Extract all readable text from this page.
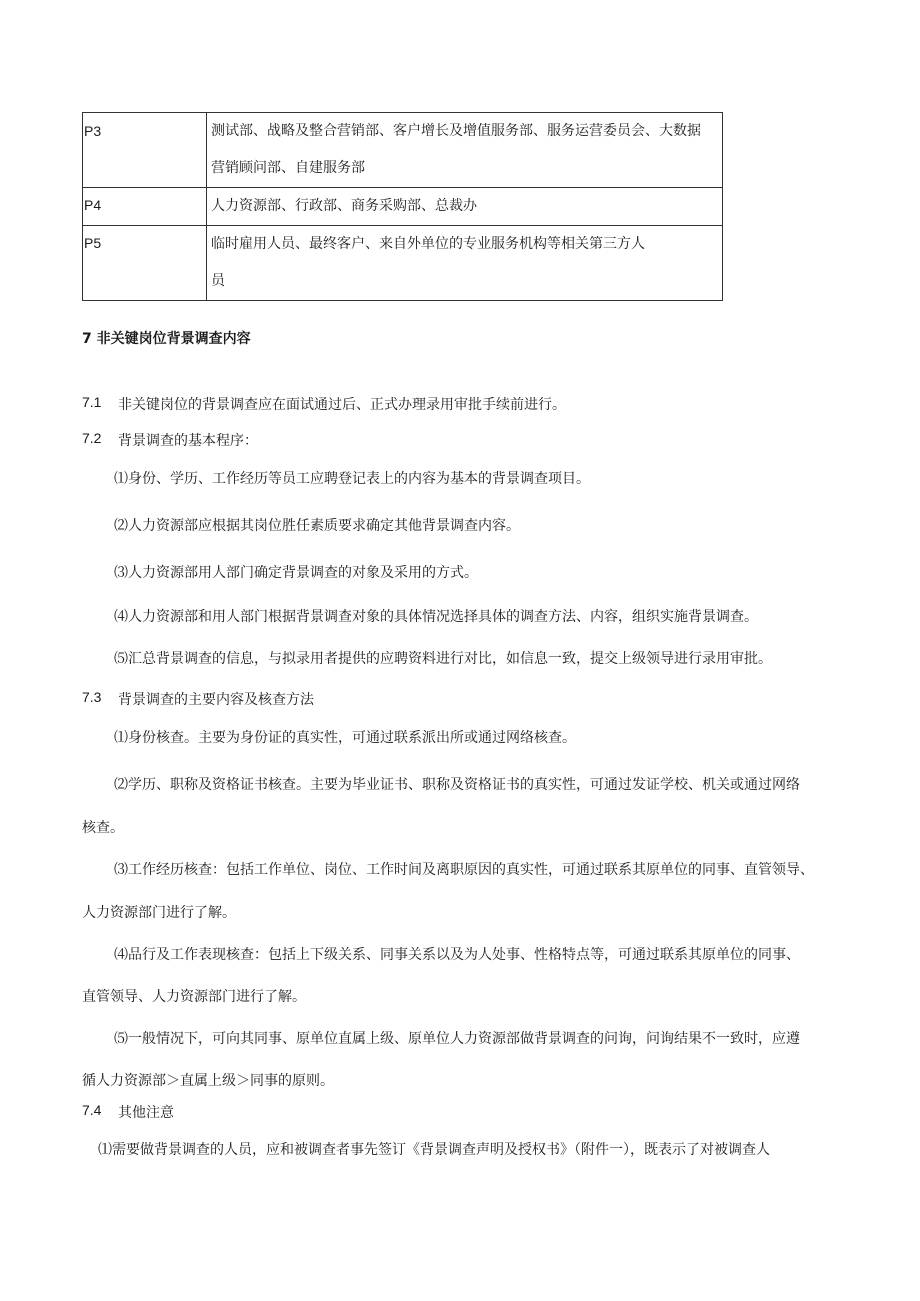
P3	测试部、战略及整合营销部、客户增长及增值服务部、服务运营委员会、大数据
营销顾问部、自建服务部

P4	人力资源部、行政部、商务采购部、总裁办

P5	临时雇用人员、最终客户、来自外单位的专业服务机构等相关第三方人
员
7 非关键岗位背景调查内容
7.1 非关键岗位的背景调查应在面试通过后、正式办理录用审批手续前进行。
7.2 背景调查的基本程序：
⑴身份、学历、工作经历等员工应聘登记表上的内容为基本的背景调查项目。
⑵人力资源部应根据其岗位胜任素质要求确定其他背景调查内容。
⑶人力资源部用人部门确定背景调查的对象及采用的方式。
⑷人力资源部和用人部门根据背景调查对象的具体情况选择具体的调查方法、内容，组织实施背景调查。
⑸汇总背景调查的信息，与拟录用者提供的应聘资料进行对比，如信息一致，提交上级领导进行录用审批。
7.3 背景调查的主要内容及核查方法
⑴身份核查。主要为身份证的真实性，可通过联系派出所或通过网络核查。
⑵学历、职称及资格证书核查。主要为毕业证书、职称及资格证书的真实性，可通过发证学校、机关或通过网络
核查。
⑶工作经历核查：包括工作单位、岗位、工作时间及离职原因的真实性，可通过联系其原单位的同事、直管领导、
人力资源部门进行了解。
⑷品行及工作表现核查：包括上下级关系、同事关系以及为人处事、性格特点等，可通过联系其原单位的同事、
直管领导、人力资源部门进行了解。
⑸一般情况下，可向其同事、原单位直属上级、原单位人力资源部做背景调查的问询，问询结果不一致时，应遵
循人力资源部＞直属上级＞同事的原则。
7.4 其他注意
⑴需要做背景调查的人员，应和被调查者事先签订《背景调查声明及授权书》（附件一），既表示了对被调查人
